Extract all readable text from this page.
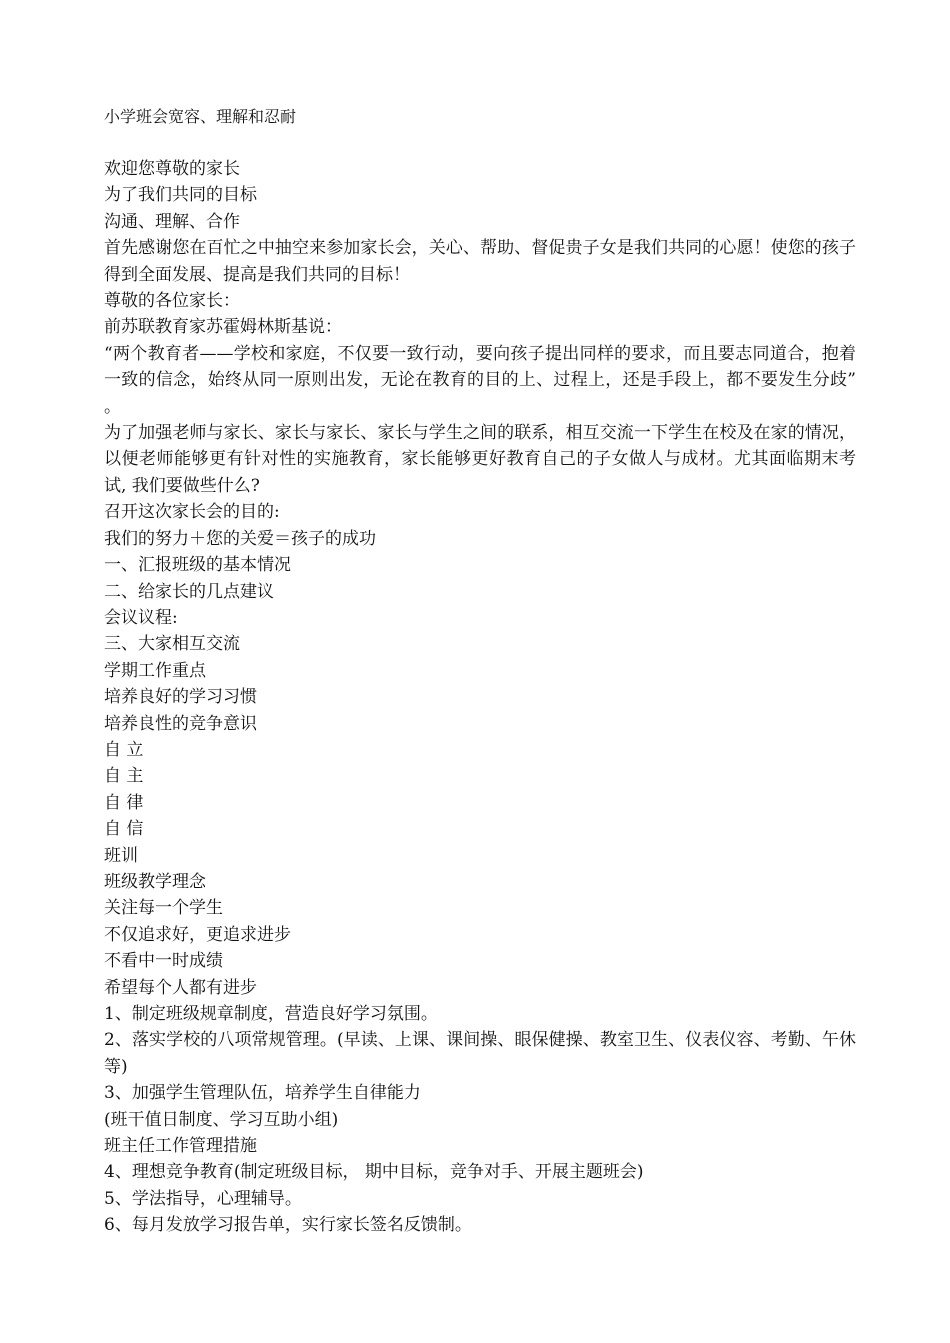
小学班会宽容、理解和忍耐
欢迎您尊敬的家长
为了我们共同的目标
沟通、理解、合作
首先感谢您在百忙之中抽空来参加家长会，关心、帮助、督促贵子女是我们共同的心愿！使您的孩子得到全面发展、提高是我们共同的目标！
尊敬的各位家长：
前苏联教育家苏霍姆林斯基说：
“两个教育者——学校和家庭，不仅要一致行动，要向孩子提出同样的要求，而且要志同道合，抱着一致的信念，始终从同一原则出发，无论在教育的目的上、过程上，还是手段上，都不要发生分歧” 。
为了加强老师与家长、家长与家长、家长与学生之间的联系，相互交流一下学生在校及在家的情况，以便老师能够更有针对性的实施教育，家长能够更好教育自己的子女做人与成材。尤其面临期末考试, 我们要做些什么?
召开这次家长会的目的:
我们的努力＋您的关爱＝孩子的成功
一、汇报班级的基本情况
二、给家长的几点建议
会议议程:
三、大家相互交流
学期工作重点
培养良好的学习习惯
培养良性的竞争意识
自 立
自 主
自 律
自 信
班训
班级教学理念
关注每一个学生
不仅追求好，更追求进步
不看中一时成绩
希望每个人都有进步
1、制定班级规章制度，营造良好学习氛围。
2、落实学校的八项常规管理。(早读、上课、课间操、眼保健操、教室卫生、仪表仪容、考勤、午休等)
3、加强学生管理队伍，培养学生自律能力
(班干值日制度、学习互助小组)
班主任工作管理措施
4、理想竞争教育(制定班级目标， 期中目标，竞争对手、开展主题班会)
5、学法指导，心理辅导。
6、每月发放学习报告单，实行家长签名反馈制。
